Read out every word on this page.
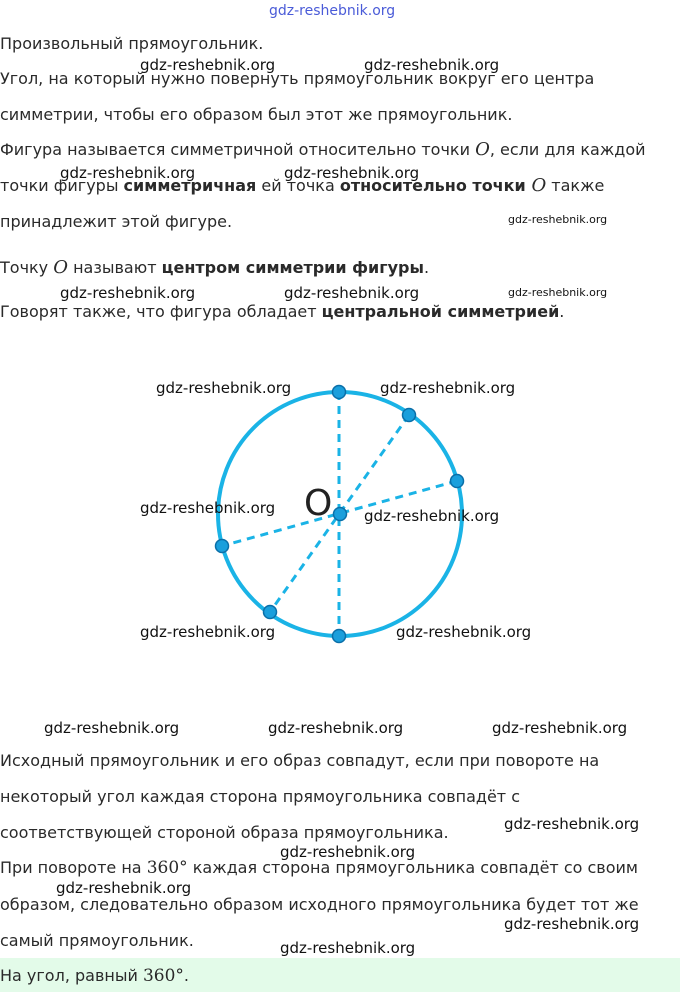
gdz-reshebnik.org
Произвольный прямоугольник.
Угол, на который нужно повернуть прямоугольник вокруг его центра
симметрии, чтобы его образом был этот же прямоугольник.
Фигура называется симметричной относительно точки O, если для каждой
точки фигуры симметричная ей точка относительно точки O также
принадлежит этой фигуре.
Точку O называют центром симметрии фигуры.
Говорят также, что фигура обладает центральной симметрией.
O
Исходный прямоугольник и его образ совпадут, если при повороте на
некоторый угол каждая сторона прямоугольника совпадёт с
соответствующей стороной образа прямоугольника.
При повороте на 360° каждая сторона прямоугольника совпадёт со своим
образом, следовательно образом исходного прямоугольника будет тот же
самый прямоугольник.
На угол, равный 360°.
gdz-reshebnik.org	gdz-reshebnik.org
gdz-reshebnik.org	gdz-reshebnik.org
gdz-reshebnik.org
gdz-reshebnik.org	gdz-reshebnik.org	gdz-reshebnik.org
gdz-reshebnik.org	gdz-reshebnik.org
gdz-reshebnik.org	gdz-reshebnik.org
gdz-reshebnik.org	gdz-reshebnik.org
gdz-reshebnik.org	gdz-reshebnik.org	gdz-reshebnik.org
gdz-reshebnik.org
gdz-reshebnik.org
gdz-reshebnik.org
gdz-reshebnik.org
gdz-reshebnik.org
